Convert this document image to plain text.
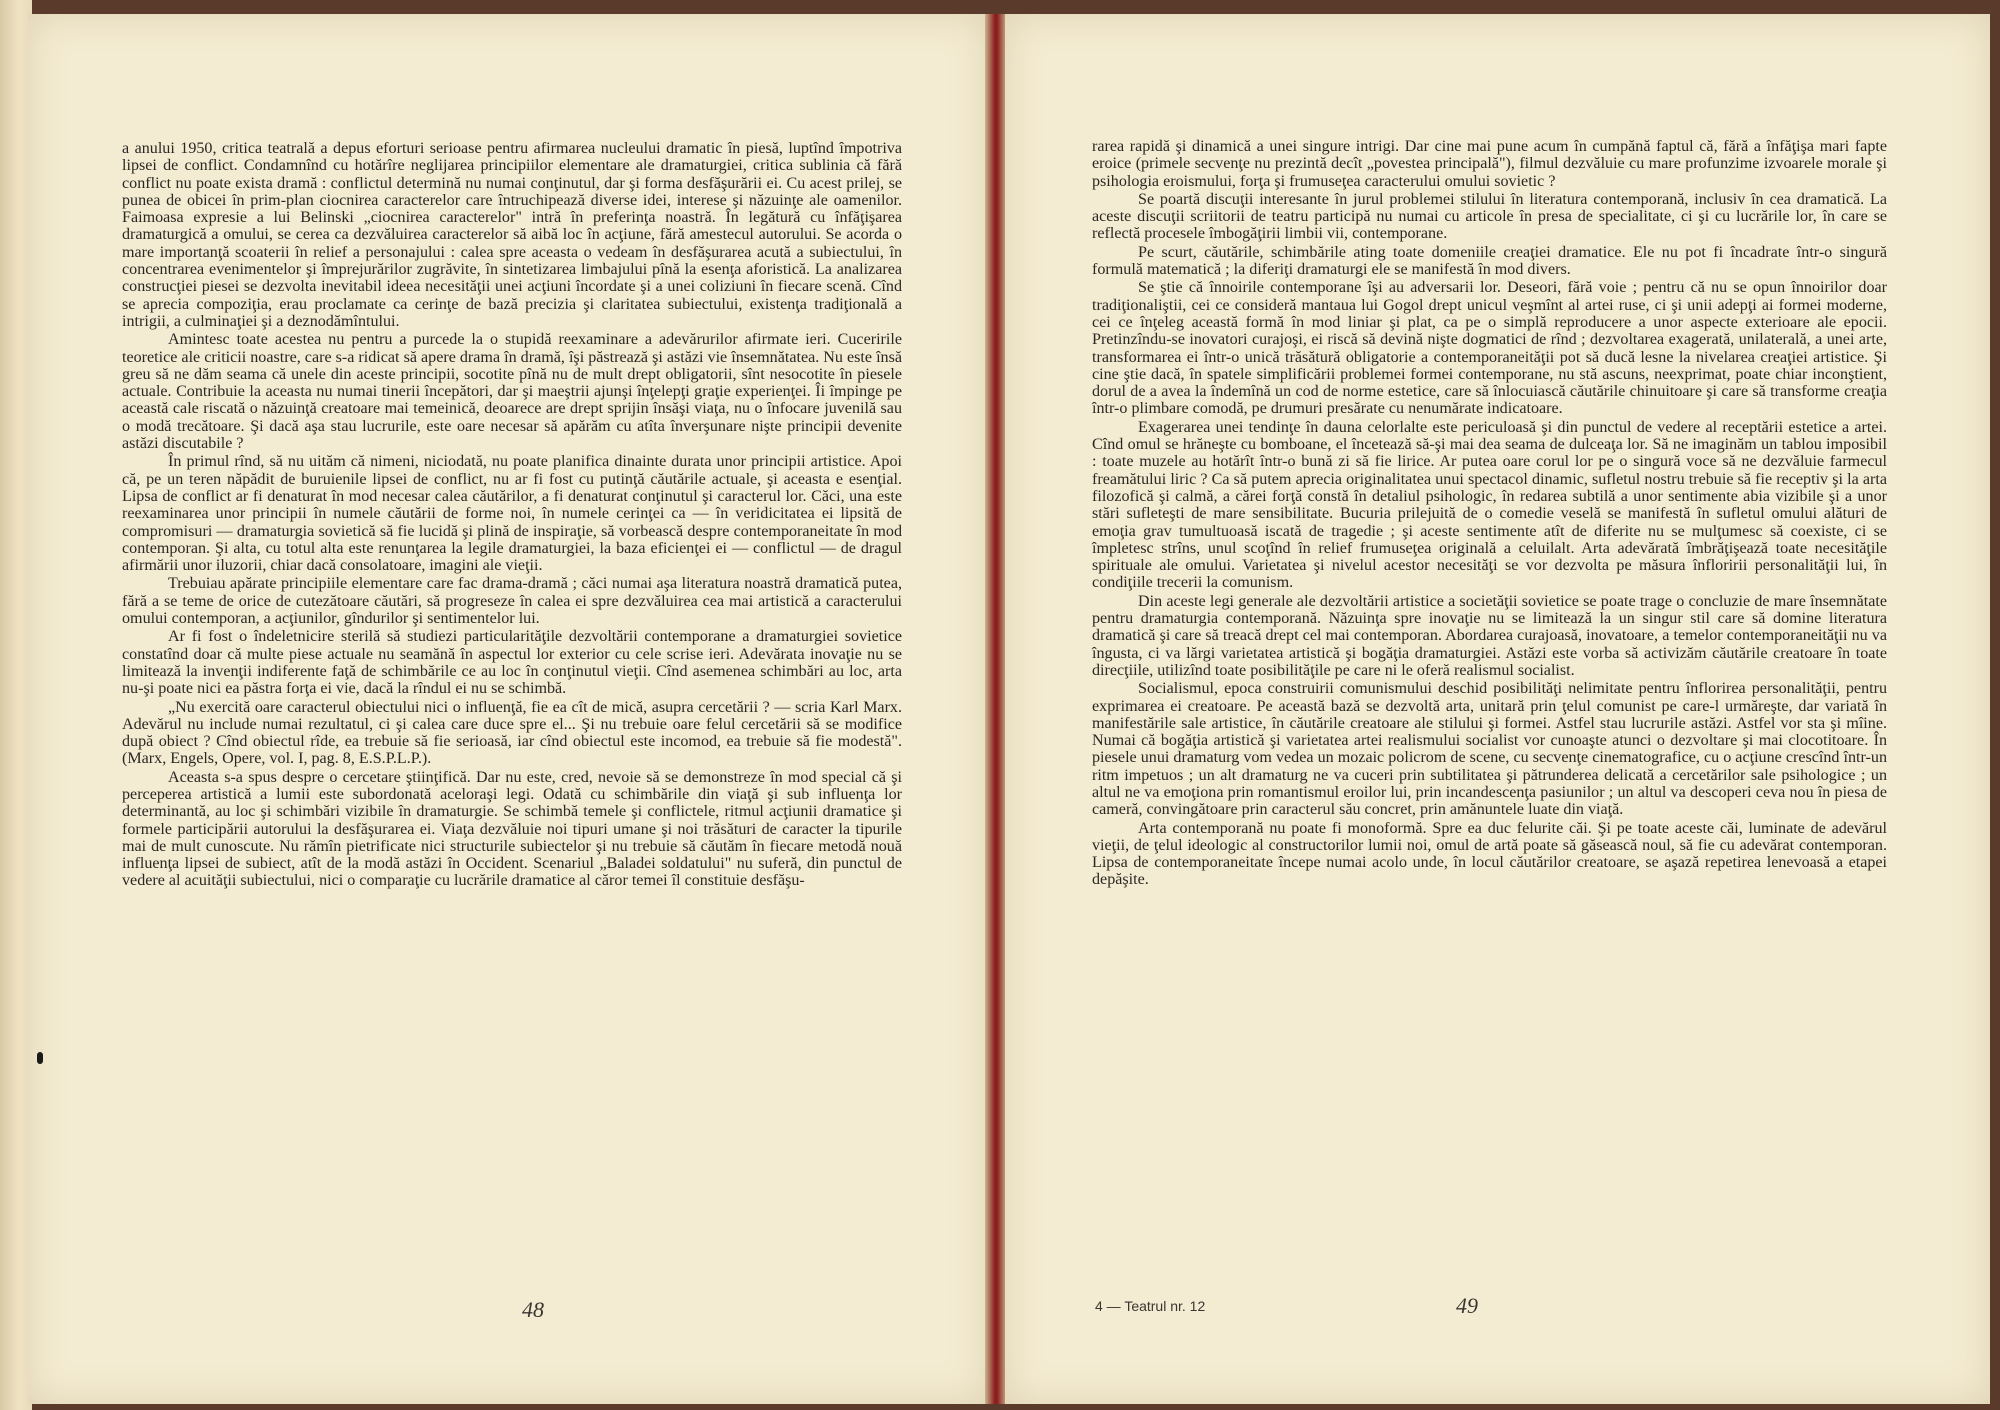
a anului 1950, critica teatrală a depus eforturi serioase pentru afirmarea nucleului dramatic în piesă, luptînd împotriva lipsei de conflict. Condamnînd cu hotărîre neglijarea principiilor elementare ale dramaturgiei, critica sublinia că fără conflict nu poate exista dramă : conflictul determină nu numai conţinutul, dar şi forma desfăşurării ei. Cu acest prilej, se punea de obicei în prim-plan ciocnirea caracterelor care întruchipează diverse idei, interese şi năzuinţe ale oamenilor. Faimoasa expresie a lui Belinski „ciocnirea caracterelor" intră în preferinţa noastră. În legătură cu înfăţişarea dramaturgică a omului, se cerea ca dezvăluirea caracterelor să aibă loc în acţiune, fără amestecul autorului. Se acorda o mare importanţă scoaterii în relief a personajului : calea spre aceasta o vedeam în desfăşurarea acută a subiectului, în concentrarea evenimentelor şi împrejurărilor zugrăvite, în sintetizarea limbajului pînă la esenţa aforistică. La analizarea construcţiei piesei se dezvolta inevitabil ideea necesităţii unei acţiuni încordate şi a unei coliziuni în fiecare scenă. Cînd se aprecia compoziţia, erau proclamate ca cerinţe de bază precizia şi claritatea subiectului, existenţa tradiţională a intrigii, a culminaţiei şi a deznodămîntului.

Amintesc toate acestea nu pentru a purcede la o stupidă reexaminare a adevărurilor afirmate ieri. Cuceririle teoretice ale criticii noastre, care s-a ridicat să apere drama în dramă, îşi păstrează şi astăzi vie însemnătatea. Nu este însă greu să ne dăm seama că unele din aceste principii, socotite pînă nu de mult drept obligatorii, sînt nesocotite în piesele actuale. Contribuie la aceasta nu numai tinerii începători, dar şi maeştrii ajunşi înţelepţi graţie experienţei. Îi împinge pe această cale riscată o năzuinţă creatoare mai temeinică, deoarece are drept sprijin însăşi viaţa, nu o înfocare juvenilă sau o modă trecătoare. Şi dacă aşa stau lucrurile, este oare necesar să apărăm cu atîta înverşunare nişte principii devenite astăzi discutabile ?

În primul rînd, să nu uităm că nimeni, niciodată, nu poate planifica dinainte durata unor principii artistice. Apoi că, pe un teren năpădit de buruienile lipsei de conflict, nu ar fi fost cu putinţă căutările actuale, şi aceasta e esenţial. Lipsa de conflict ar fi denaturat în mod necesar calea căutărilor, a fi denaturat conţinutul şi caracterul lor. Căci, una este reexaminarea unor principii în numele căutării de forme noi, în numele cerinţei ca — în veridicitatea ei lipsită de compromisuri — dramaturgia sovietică să fie lucidă şi plină de inspiraţie, să vorbească despre contemporaneitate în mod contemporan. Şi alta, cu totul alta este renunţarea la legile dramaturgiei, la baza eficienţei ei — conflictul — de dragul afirmării unor iluzorii, chiar dacă consolatoare, imagini ale vieţii.

Trebuiau apărate principiile elementare care fac drama-dramă ; căci numai aşa literatura noastră dramatică putea, fără a se teme de orice de cutezătoare căutări, să progreseze în calea ei spre dezvăluirea cea mai artistică a caracterului omului contemporan, a acţiunilor, gîndurilor şi sentimentelor lui.

Ar fi fost o îndeletnicire sterilă să studiezi particularităţile dezvoltării contemporane a dramaturgiei sovietice constatînd doar că multe piese actuale nu seamănă în aspectul lor exterior cu cele scrise ieri. Adevărata inovaţie nu se limitează la invenţii indiferente faţă de schimbările ce au loc în conţinutul vieţii. Cînd asemenea schimbări au loc, arta nu-şi poate nici ea păstra forţa ei vie, dacă la rîndul ei nu se schimbă.

„Nu exercită oare caracterul obiectului nici o influenţă, fie ea cît de mică, asupra cercetării ? — scria Karl Marx. Adevărul nu include numai rezultatul, ci şi calea care duce spre el... Şi nu trebuie oare felul cercetării să se modifice după obiect ? Cînd obiectul rîde, ea trebuie să fie serioasă, iar cînd obiectul este incomod, ea trebuie să fie modestă". (Marx, Engels, Opere, vol. I, pag. 8, E.S.P.L.P.).

Aceasta s-a spus despre o cercetare ştiinţifică. Dar nu este, cred, nevoie să se demonstreze în mod special că şi perceperea artistică a lumii este subordonată aceloraşi legi. Odată cu schimbările din viaţă şi sub influenţa lor determinantă, au loc şi schimbări vizibile în dramaturgie. Se schimbă temele şi conflictele, ritmul acţiunii dramatice şi formele participării autorului la desfăşurarea ei. Viaţa dezvăluie noi tipuri umane şi noi trăsături de caracter la tipurile mai de mult cunoscute. Nu rămîn pietrificate nici structurile subiectelor şi nu trebuie să căutăm în fiecare metodă nouă influenţa lipsei de subiect, atît de la modă astăzi în Occident. Scenariul „Baladei soldatului" nu suferă, din punctul de vedere al acuităţii subiectului, nici o comparaţie cu lucrările dramatice al căror temei îl constituie desfăşu-

48

rarea rapidă şi dinamică a unei singure intrigi. Dar cine mai pune acum în cumpănă faptul că, fără a înfăţişa mari fapte eroice (primele secvenţe nu prezintă decît „povestea principală"), filmul dezvăluie cu mare profunzime izvoarele morale şi psihologia eroismului, forţa şi frumuseţea caracterului omului sovietic ?

Se poartă discuţii interesante în jurul problemei stilului în literatura contemporană, inclusiv în cea dramatică. La aceste discuţii scriitorii de teatru participă nu numai cu articole în presa de specialitate, ci şi cu lucrările lor, în care se reflectă procesele îmbogăţirii limbii vii, contemporane.

Pe scurt, căutările, schimbările ating toate domeniile creaţiei dramatice. Ele nu pot fi încadrate într-o singură formulă matematică ; la diferiţi dramaturgi ele se manifestă în mod divers.

Se ştie că înnoirile contemporane îşi au adversarii lor. Deseori, fără voie ; pentru că nu se opun înnoirilor doar tradiţionaliştii, cei ce consideră mantaua lui Gogol drept unicul veşmînt al artei ruse, ci şi unii adepţi ai formei moderne, cei ce înţeleg această formă în mod liniar şi plat, ca pe o simplă reproducere a unor aspecte exterioare ale epocii. Pretinzîndu-se inovatori curajoşi, ei riscă să devină nişte dogmatici de rînd ; dezvoltarea exagerată, unilaterală, a unei arte, transformarea ei într-o unică trăsătură obligatorie a contemporaneităţii pot să ducă lesne la nivelarea creaţiei artistice. Şi cine ştie dacă, în spatele simplificării problemei formei contemporane, nu stă ascuns, neexprimat, poate chiar inconştient, dorul de a avea la îndemînă un cod de norme estetice, care să înlocuiască căutările chinuitoare şi care să transforme creaţia într-o plimbare comodă, pe drumuri presărate cu nenumărate indicatoare.

Exagerarea unei tendinţe în dauna celorlalte este periculoasă şi din punctul de vedere al receptării estetice a artei. Cînd omul se hrăneşte cu bomboane, el încetează să-şi mai dea seama de dulceaţa lor. Să ne imaginăm un tablou imposibil : toate muzele au hotărît într-o bună zi să fie lirice. Ar putea oare corul lor pe o singură voce să ne dezvăluie farmecul freamătului liric ? Ca să putem aprecia originalitatea unui spectacol dinamic, sufletul nostru trebuie să fie receptiv şi la arta filozofică şi calmă, a cărei forţă constă în detaliul psihologic, în redarea subtilă a unor sentimente abia vizibile şi a unor stări sufleteşti de mare sensibilitate. Bucuria prilejuită de o comedie veselă se manifestă în sufletul omului alături de emoţia grav tumultuoasă iscată de tragedie ; şi aceste sentimente atît de diferite nu se mulţumesc să coexiste, ci se împletesc strîns, unul scoţînd în relief frumuseţea originală a celuilalt. Arta adevărată îmbrăţişează toate necesităţile spirituale ale omului. Varietatea şi nivelul acestor necesităţi se vor dezvolta pe măsura înfloririi personalităţii lui, în condiţiile trecerii la comunism.

Din aceste legi generale ale dezvoltării artistice a societăţii sovietice se poate trage o concluzie de mare însemnătate pentru dramaturgia contemporană. Năzuinţa spre inovaţie nu se limitează la un singur stil care să domine literatura dramatică şi care să treacă drept cel mai contemporan. Abordarea curajoasă, inovatoare, a temelor contemporaneităţii nu va îngusta, ci va lărgi varietatea artistică şi bogăţia dramaturgiei. Astăzi este vorba să activizăm căutările creatoare în toate direcţiile, utilizînd toate posibilităţile pe care ni le oferă realismul socialist.

Socialismul, epoca construirii comunismului deschid posibilităţi nelimitate pentru înflorirea personalităţii, pentru exprimarea ei creatoare. Pe această bază se dezvoltă arta, unitară prin ţelul comunist pe care-l urmăreşte, dar variată în manifestările sale artistice, în căutările creatoare ale stilului şi formei. Astfel stau lucrurile astăzi. Astfel vor sta şi mîine. Numai că bogăţia artistică şi varietatea artei realismului socialist vor cunoaşte atunci o dezvoltare şi mai clocotitoare. În piesele unui dramaturg vom vedea un mozaic policrom de scene, cu secvenţe cinematografice, cu o acţiune crescînd într-un ritm impetuos ; un alt dramaturg ne va cuceri prin subtilitatea şi pătrunderea delicată a cercetărilor sale psihologice ; un altul ne va emoţiona prin romantismul eroilor lui, prin incandescenţa pasiunilor ; un altul va descoperi ceva nou în piesa de cameră, convingătoare prin caracterul său concret, prin amănuntele luate din viaţă.

Arta contemporană nu poate fi monoformă. Spre ea duc felurite căi. Şi pe toate aceste căi, luminate de adevărul vieţii, de ţelul ideologic al constructorilor lumii noi, omul de artă poate să găsească noul, să fie cu adevărat contemporan. Lipsa de contemporaneitate începe numai acolo unde, în locul căutărilor creatoare, se aşază repetirea lenevoasă a etapei depăşite.

4 — Teatrul nr. 12	49
